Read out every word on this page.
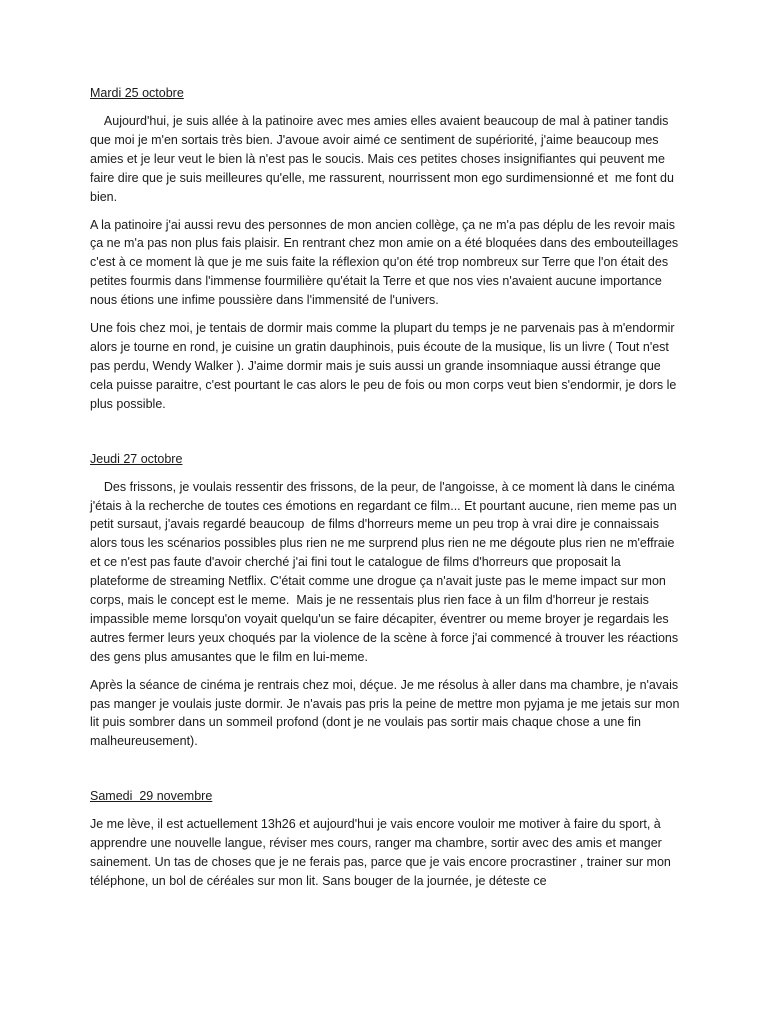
Mardi 25 octobre

Aujourd'hui, je suis allée à la patinoire avec mes amies elles avaient beaucoup de mal à patiner tandis que moi je m'en sortais très bien. J'avoue avoir aimé ce sentiment de supériorité, j'aime beaucoup mes amies et je leur veut le bien là n'est pas le soucis. Mais ces petites choses insignifiantes qui peuvent me faire dire que je suis meilleures qu'elle, me rassurent, nourrissent mon ego surdimensionné et  me font du bien.

A la patinoire j'ai aussi revu des personnes de mon ancien collège, ça ne m'a pas déplu de les revoir mais ça ne m'a pas non plus fais plaisir. En rentrant chez mon amie on a été bloquées dans des embouteillages c'est à ce moment là que je me suis faite la réflexion qu'on été trop nombreux sur Terre que l'on était des petites fourmis dans l'immense fourmilière qu'était la Terre et que nos vies n'avaient aucune importance nous étions une infime poussière dans l'immensité de l'univers.

Une fois chez moi, je tentais de dormir mais comme la plupart du temps je ne parvenais pas à m'endormir alors je tourne en rond, je cuisine un gratin dauphinois, puis écoute de la musique, lis un livre ( Tout n'est pas perdu, Wendy Walker ). J'aime dormir mais je suis aussi un grande insomniaque aussi étrange que cela puisse paraitre, c'est pourtant le cas alors le peu de fois ou mon corps veut bien s'endormir, je dors le plus possible.

Jeudi 27 octobre

Des frissons, je voulais ressentir des frissons, de la peur, de l'angoisse, à ce moment là dans le cinéma  j'étais à la recherche de toutes ces émotions en regardant ce film... Et pourtant aucune, rien meme pas un petit sursaut, j'avais regardé beaucoup  de films d'horreurs meme un peu trop à vrai dire je connaissais alors tous les scénarios possibles plus rien ne me surprend plus rien ne me dégoute plus rien ne m'effraie et ce n'est pas faute d'avoir cherché j'ai fini tout le catalogue de films d'horreurs que proposait la plateforme de streaming Netflix. C'était comme une drogue ça n'avait juste pas le meme impact sur mon corps, mais le concept est le meme.  Mais je ne ressentais plus rien face à un film d'horreur je restais impassible meme lorsqu'on voyait quelqu'un se faire décapiter, éventrer ou meme broyer je regardais les autres fermer leurs yeux choqués par la violence de la scène à force j'ai commencé à trouver les réactions des gens plus amusantes que le film en lui-meme.

Après la séance de cinéma je rentrais chez moi, déçue. Je me résolus à aller dans ma chambre, je n'avais pas manger je voulais juste dormir. Je n'avais pas pris la peine de mettre mon pyjama je me jetais sur mon lit puis sombrer dans un sommeil profond (dont je ne voulais pas sortir mais chaque chose a une fin malheureusement).

Samedi  29 novembre

Je me lève, il est actuellement 13h26 et aujourd'hui je vais encore vouloir me motiver à faire du sport, à apprendre une nouvelle langue, réviser mes cours, ranger ma chambre, sortir avec des amis et manger sainement. Un tas de choses que je ne ferais pas, parce que je vais encore procrastiner , trainer sur mon téléphone, un bol de céréales sur mon lit. Sans bouger de la journée, je déteste ce
